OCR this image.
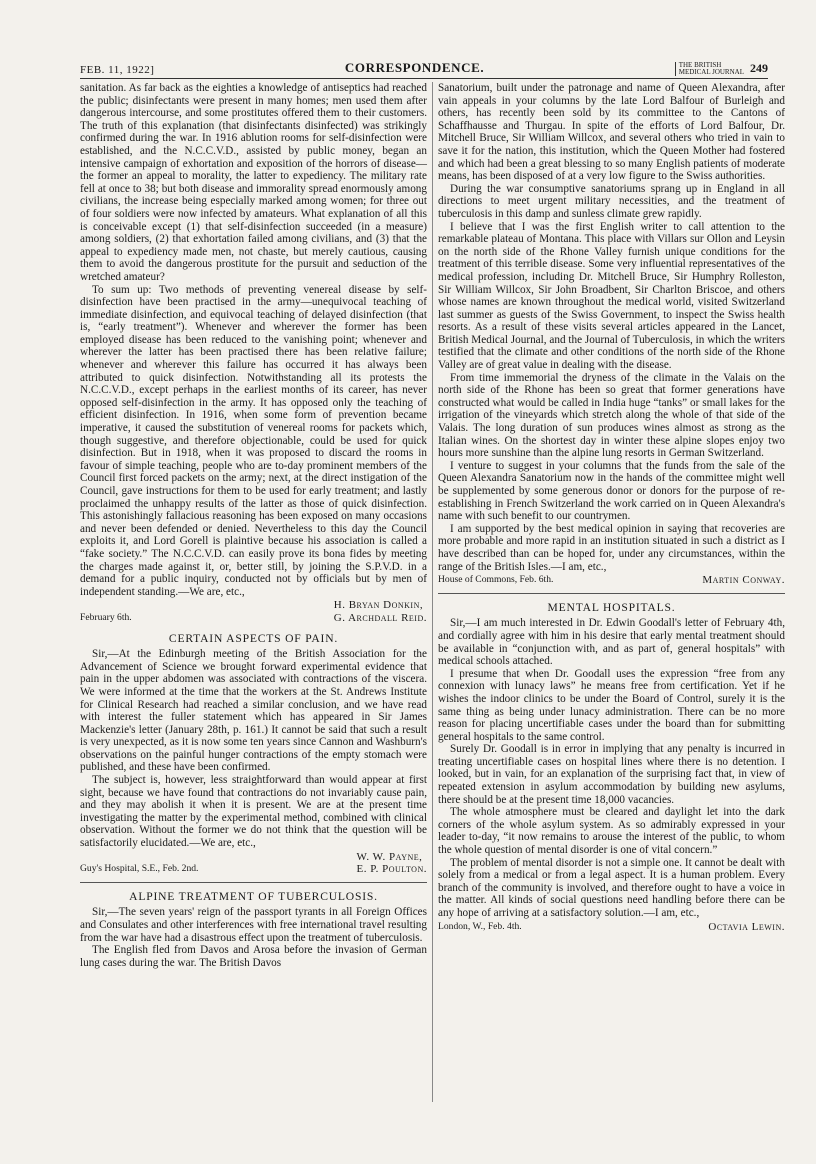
FEB. 11, 1922]	CORRESPONDENCE.	THE BRITISH
MEDICAL JOURNAL 249

sanitation. As far back as the eighties a knowledge of antiseptics had reached the public; disinfectants were present in many homes; men used them after dangerous intercourse, and some prostitutes offered them to their customers. The truth of this explanation (that disinfectants disinfected) was strikingly confirmed during the war. In 1916 ablution rooms for self-disinfection were established, and the N.C.C.V.D., assisted by public money, began an intensive campaign of exhortation and exposition of the horrors of disease—the former an appeal to morality, the latter to expediency. The military rate fell at once to 38; but both disease and immorality spread enormously among civilians, the increase being especially marked among women; for three out of four soldiers were now infected by amateurs. What explanation of all this is conceivable except (1) that self-disinfection succeeded (in a measure) among soldiers, (2) that exhortation failed among civilians, and (3) that the appeal to expediency made men, not chaste, but merely cautious, causing them to avoid the dangerous prostitute for the pursuit and seduction of the wretched amateur?

To sum up: Two methods of preventing venereal disease by self-disinfection have been practised in the army—unequivocal teaching of immediate disinfection, and equivocal teaching of delayed disinfection (that is, “early treatment”). Whenever and wherever the former has been employed disease has been reduced to the vanishing point; whenever and wherever the latter has been practised there has been relative failure; whenever and wherever this failure has occurred it has always been attributed to quick disinfection. Notwithstanding all its protests the N.C.C.V.D., except perhaps in the earliest months of its career, has never opposed self-disinfection in the army. It has opposed only the teaching of efficient disinfection. In 1916, when some form of prevention became imperative, it caused the substitution of venereal rooms for packets which, though suggestive, and therefore objectionable, could be used for quick disinfection. But in 1918, when it was proposed to discard the rooms in favour of simple teaching, people who are to-day prominent members of the Council first forced packets on the army; next, at the direct instigation of the Council, gave instructions for them to be used for early treatment; and lastly proclaimed the unhappy results of the latter as those of quick disinfection. This astonishingly fallacious reasoning has been exposed on many occasions and never been defended or denied. Nevertheless to this day the Council exploits it, and Lord Gorell is plaintive because his association is called a “fake society.” The N.C.C.V.D. can easily prove its bona fides by meeting the charges made against it, or, better still, by joining the S.P.V.D. in a demand for a public inquiry, conducted not by officials but by men of independent standing.—We are, etc.,

February 6th.
H. Bryan Donkin,
G. Archdall Reid.
CERTAIN ASPECTS OF PAIN.

Sir,—At the Edinburgh meeting of the British Association for the Advancement of Science we brought forward experimental evidence that pain in the upper abdomen was associated with contractions of the viscera. We were informed at the time that the workers at the St. Andrews Institute for Clinical Research had reached a similar conclusion, and we have read with interest the fuller statement which has appeared in Sir James Mackenzie's letter (January 28th, p. 161.) It cannot be said that such a result is very unexpected, as it is now some ten years since Cannon and Washburn's observations on the painful hunger contractions of the empty stomach were published, and these have been confirmed.

The subject is, however, less straightforward than would appear at first sight, because we have found that contractions do not invariably cause pain, and they may abolish it when it is present. We are at the present time investigating the matter by the experimental method, combined with clinical observation. Without the former we do not think that the question will be satisfactorily elucidated.—We are, etc.,

Guy's Hospital, S.E., Feb. 2nd.
W. W. Payne,
E. P. Poulton.
ALPINE TREATMENT OF TUBERCULOSIS.

Sir,—The seven years' reign of the passport tyrants in all Foreign Offices and Consulates and other interferences with free international travel resulting from the war have had a disastrous effect upon the treatment of tuberculosis.

The English fled from Davos and Arosa before the invasion of German lung cases during the war. The British Davos

Sanatorium, built under the patronage and name of Queen Alexandra, after vain appeals in your columns by the late Lord Balfour of Burleigh and others, has recently been sold by its committee to the Cantons of Schaffhausse and Thurgau. In spite of the efforts of Lord Balfour, Dr. Mitchell Bruce, Sir William Willcox, and several others who tried in vain to save it for the nation, this institution, which the Queen Mother had fostered and which had been a great blessing to so many English patients of moderate means, has been disposed of at a very low figure to the Swiss authorities.

During the war consumptive sanatoriums sprang up in England in all directions to meet urgent military necessities, and the treatment of tuberculosis in this damp and sunless climate grew rapidly.

I believe that I was the first English writer to call attention to the remarkable plateau of Montana. This place with Villars sur Ollon and Leysin on the north side of the Rhone Valley furnish unique conditions for the treatment of this terrible disease. Some very influential representatives of the medical profession, including Dr. Mitchell Bruce, Sir Humphry Rolleston, Sir William Willcox, Sir John Broadbent, Sir Charlton Briscoe, and others whose names are known throughout the medical world, visited Switzerland last summer as guests of the Swiss Government, to inspect the Swiss health resorts. As a result of these visits several articles appeared in the Lancet, British Medical Journal, and the Journal of Tuberculosis, in which the writers testified that the climate and other conditions of the north side of the Rhone Valley are of great value in dealing with the disease.

From time immemorial the dryness of the climate in the Valais on the north side of the Rhone has been so great that former generations have constructed what would be called in India huge “tanks” or small lakes for the irrigation of the vineyards which stretch along the whole of that side of the Valais. The long duration of sun produces wines almost as strong as the Italian wines. On the shortest day in winter these alpine slopes enjoy two hours more sunshine than the alpine lung resorts in German Switzerland.

I venture to suggest in your columns that the funds from the sale of the Queen Alexandra Sanatorium now in the hands of the committee might well be supplemented by some generous donor or donors for the purpose of re-establishing in French Switzerland the work carried on in Queen Alexandra's name with such benefit to our countrymen.

I am supported by the best medical opinion in saying that recoveries are more probable and more rapid in an institution situated in such a district as I have described than can be hoped for, under any circumstances, within the range of the British Isles.—I am, etc.,

House of Commons, Feb. 6th.	Martin Conway.
MENTAL HOSPITALS.

Sir,—I am much interested in Dr. Edwin Goodall's letter of February 4th, and cordially agree with him in his desire that early mental treatment should be available in “conjunction with, and as part of, general hospitals” with medical schools attached.

I presume that when Dr. Goodall uses the expression “free from any connexion with lunacy laws” he means free from certification. Yet if he wishes the indoor clinics to be under the Board of Control, surely it is the same thing as being under lunacy administration. There can be no more reason for placing uncertifiable cases under the board than for submitting general hospitals to the same control.

Surely Dr. Goodall is in error in implying that any penalty is incurred in treating uncertifiable cases on hospital lines where there is no detention. I looked, but in vain, for an explanation of the surprising fact that, in view of repeated extension in asylum accommodation by building new asylums, there should be at the present time 18,000 vacancies.

The whole atmosphere must be cleared and daylight let into the dark corners of the whole asylum system. As so admirably expressed in your leader to-day, “it now remains to arouse the interest of the public, to whom the whole question of mental disorder is one of vital concern.”

The problem of mental disorder is not a simple one. It cannot be dealt with solely from a medical or from a legal aspect. It is a human problem. Every branch of the community is involved, and therefore ought to have a voice in the matter. All kinds of social questions need handling before there can be any hope of arriving at a satisfactory solution.—I am, etc.,

London, W., Feb. 4th.	Octavia Lewin.
